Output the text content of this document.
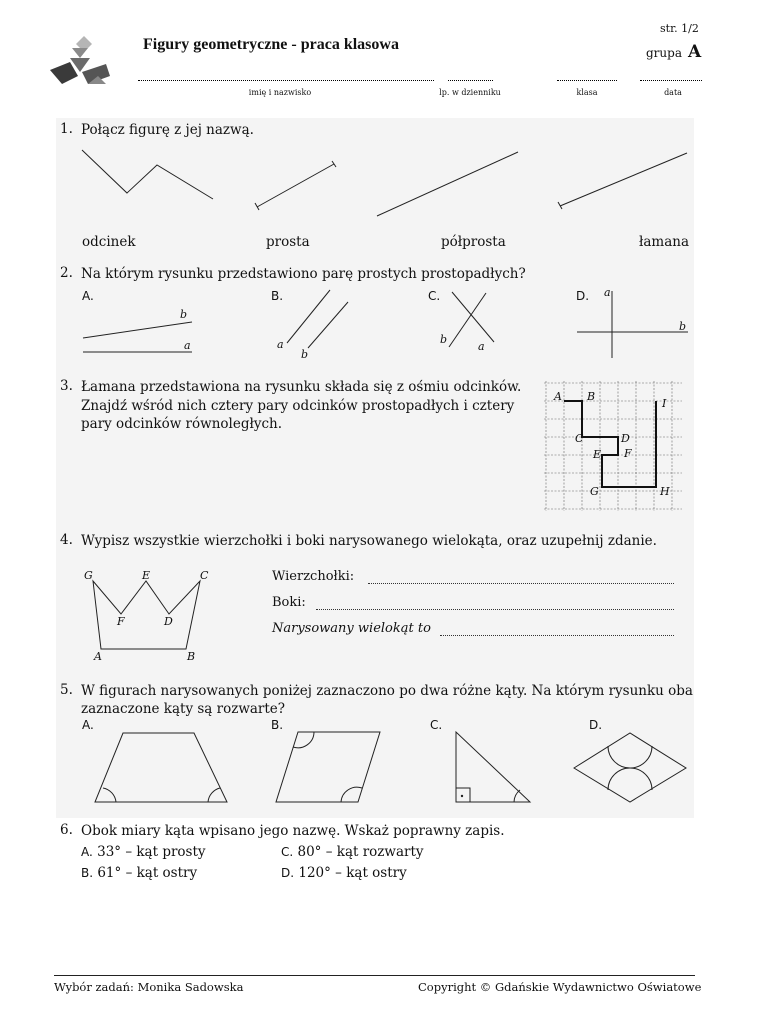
Figury geometryczne - praca klasowa
str. 1/2
grupa A
imię i nazwisko	lp. w dzienniku	klasa	data
1. Połącz figurę z jej nazwą.
odcinek	prosta	półprosta	łamana
2. Na którym rysunku przedstawiono parę prostych prostopadłych?
A.	B.	C.	D.
b
a	a
b
b
a
a
b
3. Łamana przedstawiona na rysunku składa się z ośmiu odcinków.
Znajdź wśród nich cztery pary odcinków prostopadłych i cztery
pary odcinków równoległych.
A B
I
C	D
E F
G	H
4. Wypisz wszystkie wierzchołki i boki narysowanego wielokąta, oraz uzupełnij zdanie.
G	E	C
F	D
A	B
Wierzchołki:
Boki:
Narysowany wielokąt to
5. W figurach narysowanych poniżej zaznaczono po dwa różne kąty. Na którym rysunku oba
zaznaczone kąty są rozwarte?
A.	B.	C.	D.
6. Obok miary kąta wpisano jego nazwę. Wskaż poprawny zapis.
A. 33° – kąt prosty	C. 80° – kąt rozwarty
B. 61° – kąt ostry	D. 120° – kąt ostry
Wybór zadań: Monika Sadowska	Copyright © Gdańskie Wydawnictwo Oświatowe
